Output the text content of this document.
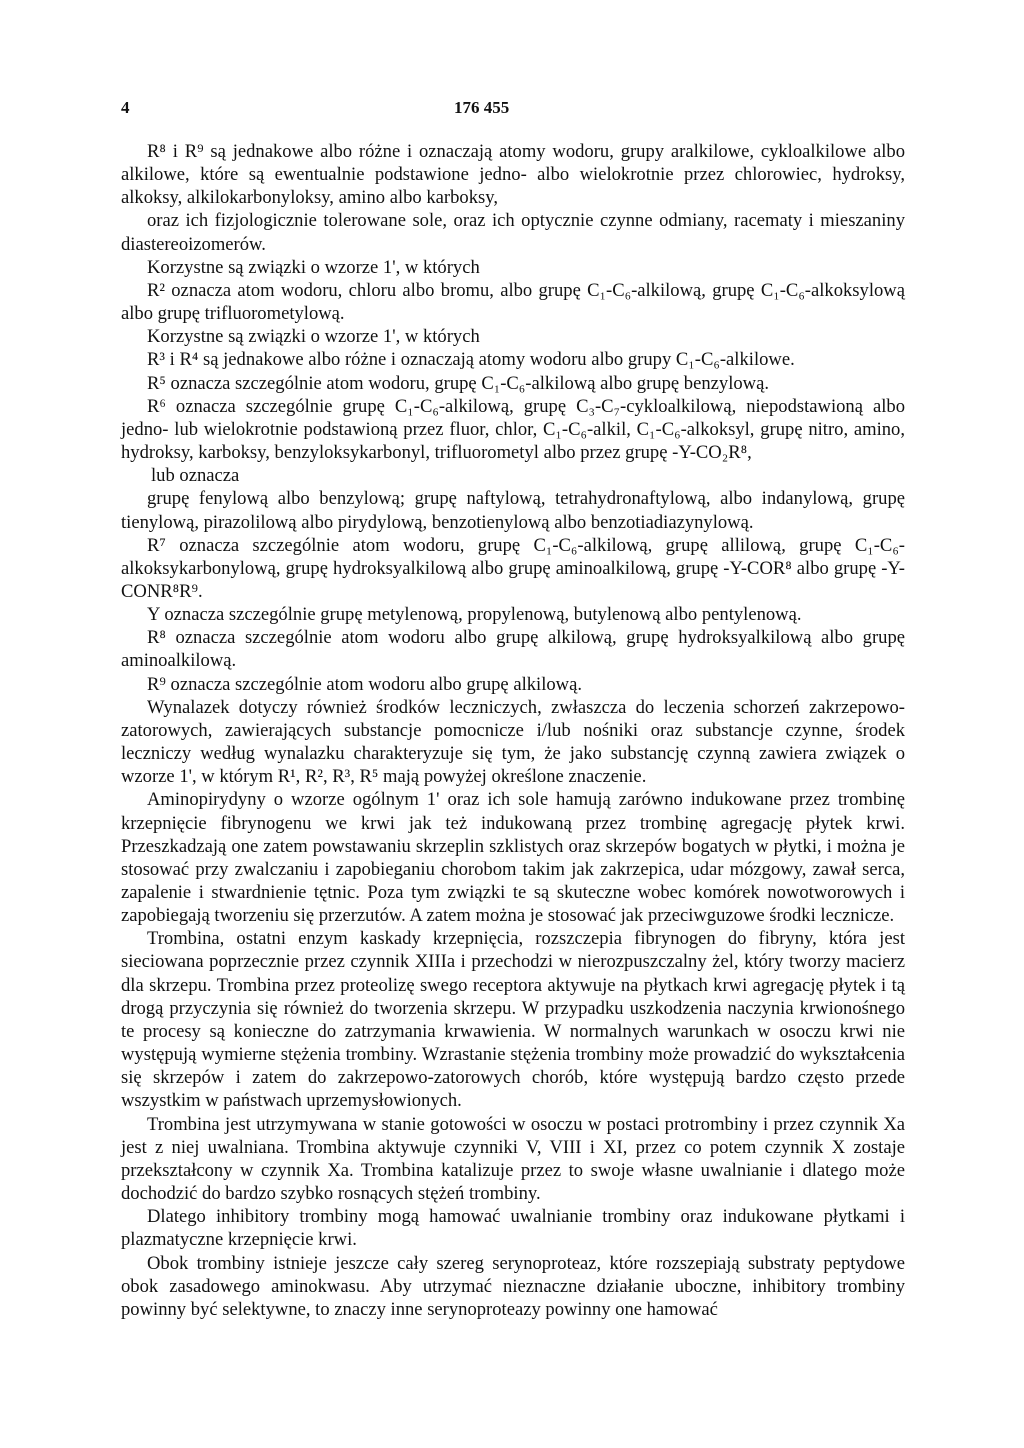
4	176 455

R⁸ i R⁹ są jednakowe albo różne i oznaczają atomy wodoru, grupy aralkilowe, cykloalkilowe albo alkilowe, które są ewentualnie podstawione jedno- albo wielokrotnie przez chlorowiec, hydroksy, alkoksy, alkilokarbonyloksy, amino albo karboksy,

oraz ich fizjologicznie tolerowane sole, oraz ich optycznie czynne odmiany, racematy i mieszaniny diastereoizomerów.

Korzystne są związki o wzorze 1', w których

R² oznacza atom wodoru, chloru albo bromu, albo grupę C₁-C₆-alkilową, grupę C₁-C₆-alkoksylową albo grupę trifluorometylową.

Korzystne są związki o wzorze 1', w których

R³ i R⁴ są jednakowe albo różne i oznaczają atomy wodoru albo grupy C₁-C₆-alkilowe.

R⁵ oznacza szczególnie atom wodoru, grupę C₁-C₆-alkilową albo grupę benzylową.

R⁶ oznacza szczególnie grupę C₁-C₆-alkilową, grupę C₃-C₇-cykloalkilową, niepodstawioną albo jedno- lub wielokrotnie podstawioną przez fluor, chlor, C₁-C₆-alkil, C₁-C₆-alkoksyl, grupę nitro, amino, hydroksy, karboksy, benzyloksykarbonyl, trifluorometyl albo przez grupę -Y-CO₂R⁸,

lub oznacza

grupę fenylową albo benzylową; grupę naftylową, tetrahydronaftylową, albo indanylową, grupę tienylową, pirazolilową albo pirydylową, benzotienylową albo benzotiadiazynylową.

R⁷ oznacza szczególnie atom wodoru, grupę C₁-C₆-alkilową, grupę allilową, grupę C₁-C₆-alkoksykarbonylową, grupę hydroksyalkilową albo grupę aminoalkilową, grupę -Y-COR⁸ albo grupę -Y-CONR⁸R⁹.

Y oznacza szczególnie grupę metylenową, propylenową, butylenową albo pentylenową.

R⁸ oznacza szczególnie atom wodoru albo grupę alkilową, grupę hydroksyalkilową albo grupę aminoalkilową.

R⁹ oznacza szczególnie atom wodoru albo grupę alkilową.

Wynalazek dotyczy również środków leczniczych, zwłaszcza do leczenia schorzeń zakrzepowo-zatorowych, zawierających substancje pomocnicze i/lub nośniki oraz substancje czynne, środek leczniczy według wynalazku charakteryzuje się tym, że jako substancję czynną zawiera związek o wzorze 1', w którym R¹, R², R³, R⁵ mają powyżej określone znaczenie.

Aminopirydyny o wzorze ogólnym 1' oraz ich sole hamują zarówno indukowane przez trombinę krzepnięcie fibrynogenu we krwi jak też indukowaną przez trombinę agregację płytek krwi. Przeszkadzają one zatem powstawaniu skrzeplin szklistych oraz skrzepów bogatych w płytki, i można je stosować przy zwalczaniu i zapobieganiu chorobom takim jak zakrzepica, udar mózgowy, zawał serca, zapalenie i stwardnienie tętnic. Poza tym związki te są skuteczne wobec komórek nowotworowych i zapobiegają tworzeniu się przerzutów. A zatem można je stosować jak przeciwguzowe środki lecznicze.

Trombina, ostatni enzym kaskady krzepnięcia, rozszczepia fibrynogen do fibryny, która jest sieciowana poprzecznie przez czynnik XIIIa i przechodzi w nierozpuszczalny żel, który tworzy macierz dla skrzepu. Trombina przez proteolizę swego receptora aktywuje na płytkach krwi agregację płytek i tą drogą przyczynia się również do tworzenia skrzepu. W przypadku uszkodzenia naczynia krwionośnego te procesy są konieczne do zatrzymania krwawienia. W normalnych warunkach w osoczu krwi nie występują wymierne stężenia trombiny. Wzrastanie stężenia trombiny może prowadzić do wykształcenia się skrzepów i zatem do zakrzepowo-zatorowych chorób, które występują bardzo często przede wszystkim w państwach uprzemysłowionych.

Trombina jest utrzymywana w stanie gotowości w osoczu w postaci protrombiny i przez czynnik Xa jest z niej uwalniana. Trombina aktywuje czynniki V, VIII i XI, przez co potem czynnik X zostaje przekształcony w czynnik Xa. Trombina katalizuje przez to swoje własne uwalnianie i dlatego może dochodzić do bardzo szybko rosnących stężeń trombiny.

Dlatego inhibitory trombiny mogą hamować uwalnianie trombiny oraz indukowane płytkami i plazmatyczne krzepnięcie krwi.

Obok trombiny istnieje jeszcze cały szereg serynoproteaz, które rozszepiają substraty peptydowe obok zasadowego aminokwasu. Aby utrzymać nieznaczne działanie uboczne, inhibitory trombiny powinny być selektywne, to znaczy inne serynoproteazy powinny one hamować
